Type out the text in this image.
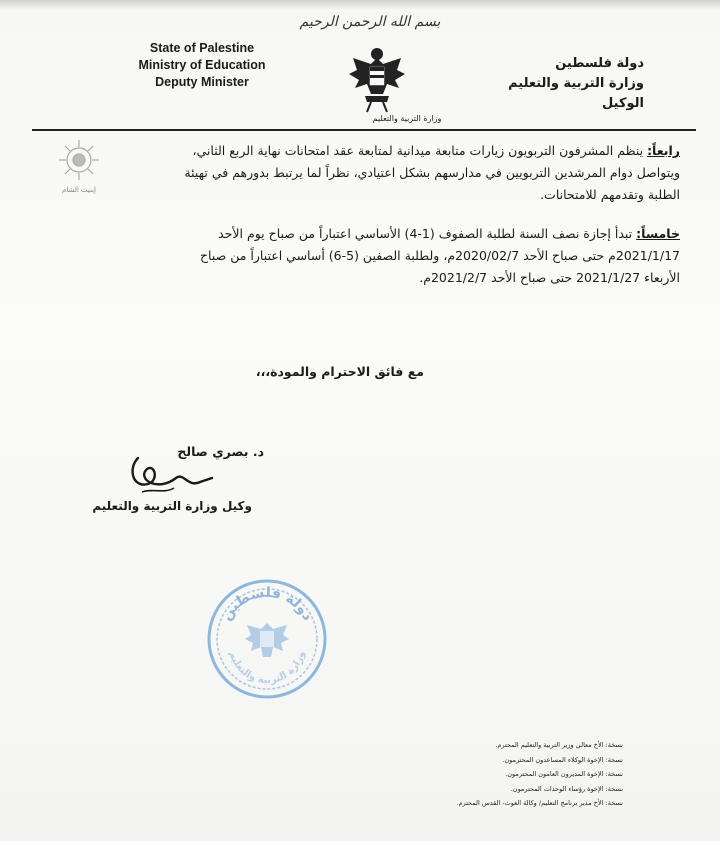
بسم الله الرحمن الرحيم
State of Palestine
Ministry of Education
Deputy Minister
وزارة التربية والتعليم
دولة فلسطين
وزارة التربية والتعليم
الوكيل
إبنيت الشام
رابعاً: ينظم المشرفون التربويون زيارات متابعة ميدانية لمتابعة عقد امتحانات نهاية الربع الثاني،
ويتواصل دوام المرشدين التربويين في مدارسهم بشكل اعتيادي، نظراً لما يرتبط بدورهم في تهيئة
الطلبة وتقدمهم للامتحانات.
خامساً: تبدأ إجازة نصف السنة لطلبة الصفوف (1-4) الأساسي اعتباراً من صباح يوم الأحد
2021/1/17م حتى صباح الأحد 2020/02/7م، ولطلبة الصفين (5-6) أساسي اعتباراً من صباح
الأربعاء 2021/1/27 حتى صباح الأحد 2021/2/7م.
مع فائق الاحترام والمودة،،،
د. بصري صالح
وكيل وزارة التربية والتعليم
دولة فلسطين
وزارة التربية والتعليم
نسخة: الأخ معالي وزير التربية والتعليم المحترم.
نسخة: الإخوة الوكلاء المساعدون المحترمون.
نسخة: الإخوة المديرون العامون المحترمون.
نسخة: الإخوة رؤساء الوحدات المحترمون.
نسخة: الأخ مدير برنامج التعليم/ وكالة الغوث- القدس المحترم.
